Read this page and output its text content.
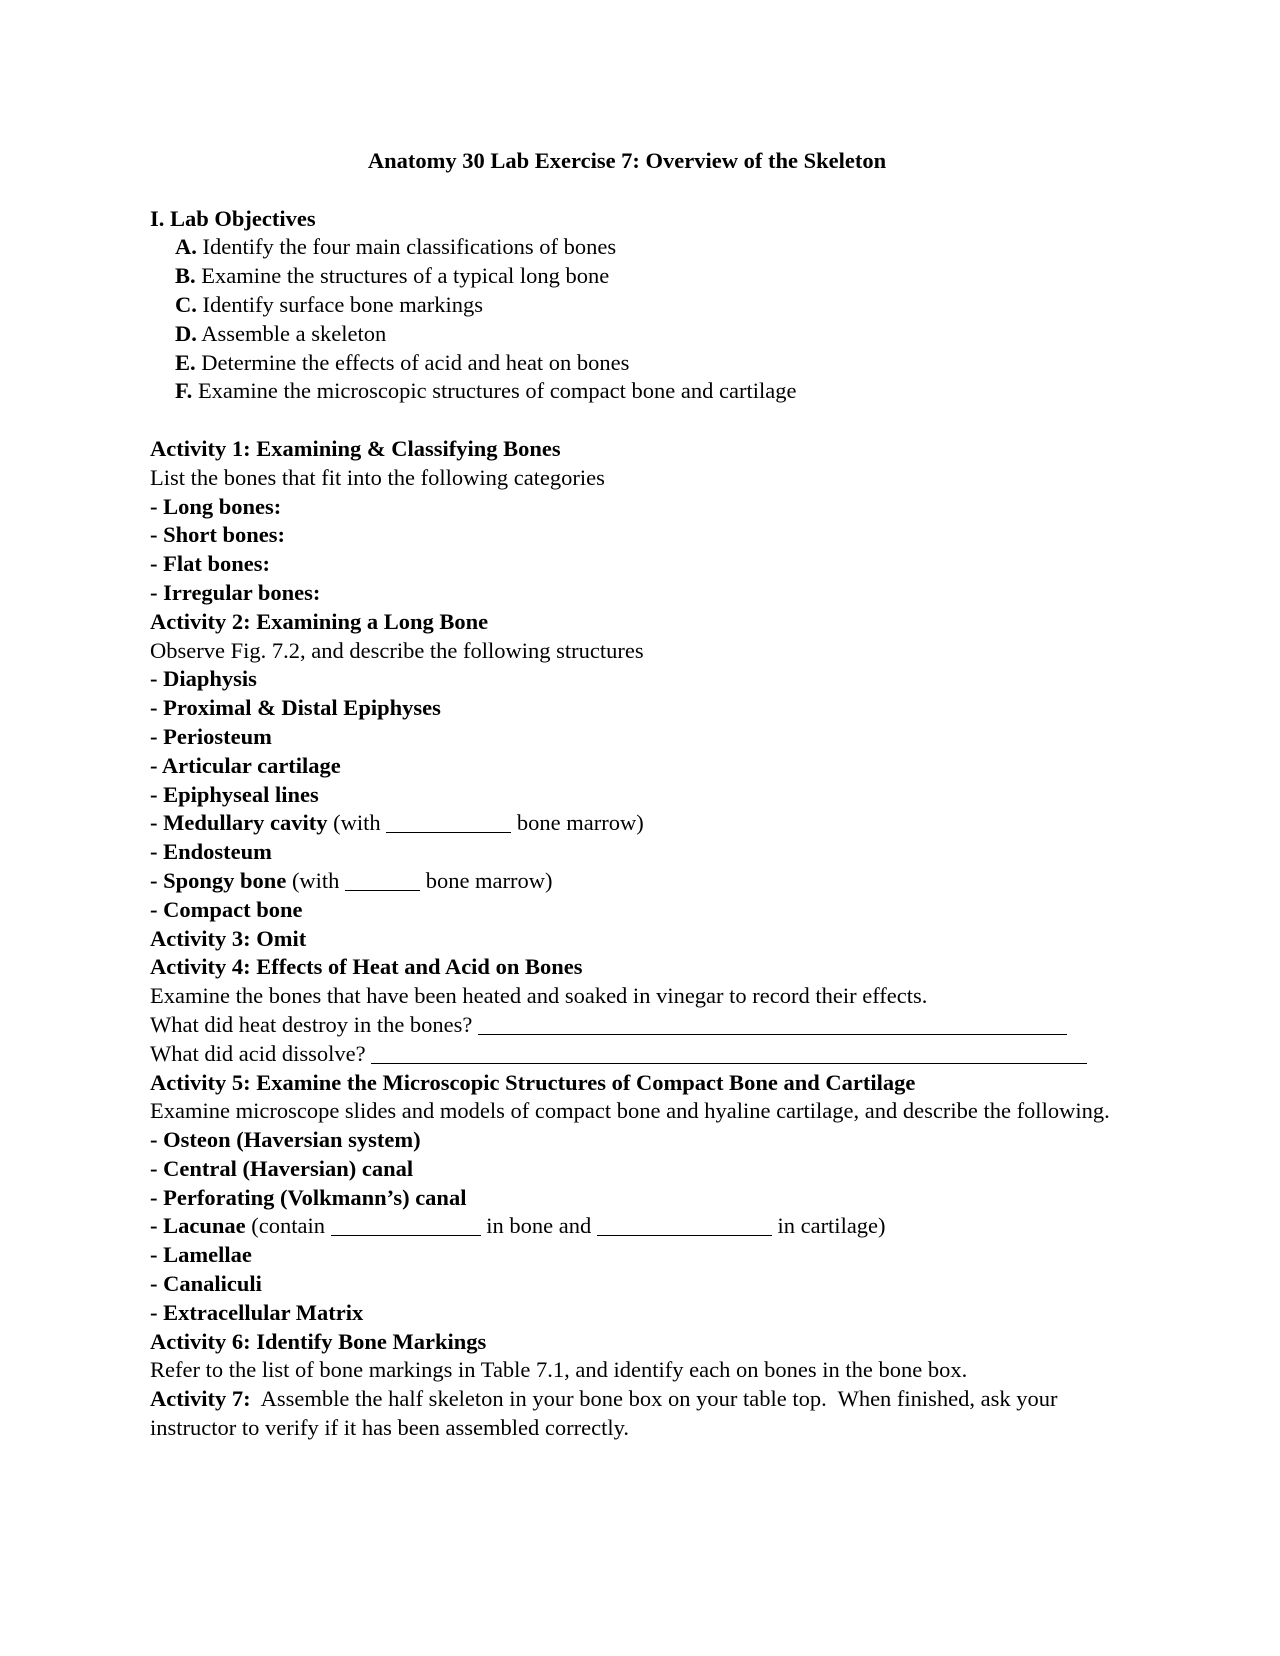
Anatomy 30 Lab Exercise 7: Overview of the Skeleton
I. Lab Objectives
A. Identify the four main classifications of bones
B. Examine the structures of a typical long bone
C. Identify surface bone markings
D. Assemble a skeleton
E. Determine the effects of acid and heat on bones
F. Examine the microscopic structures of compact bone and cartilage
Activity 1: Examining & Classifying Bones
List the bones that fit into the following categories
- Long bones:
- Short bones:
- Flat bones:
- Irregular bones:
Activity 2: Examining a Long Bone
Observe Fig. 7.2, and describe the following structures
- Diaphysis
- Proximal & Distal Epiphyses
- Periosteum
- Articular cartilage
- Epiphyseal lines
- Medullary cavity (with	bone marrow)
- Endosteum
- Spongy bone (with	bone marrow)
- Compact bone
Activity 3: Omit
Activity 4: Effects of Heat and Acid on Bones
Examine the bones that have been heated and soaked in vinegar to record their effects.
What did heat destroy in the bones?
What did acid dissolve?
Activity 5: Examine the Microscopic Structures of Compact Bone and Cartilage
Examine microscope slides and models of compact bone and hyaline cartilage, and describe the following.
- Osteon (Haversian system)
- Central (Haversian) canal
- Perforating (Volkmann’s) canal
- Lacunae (contain	in bone and	in cartilage)
- Lamellae
- Canaliculi
- Extracellular Matrix
Activity 6: Identify Bone Markings
Refer to the list of bone markings in Table 7.1, and identify each on bones in the bone box.
Activity 7:  Assemble the half skeleton in your bone box on your table top.  When finished, ask your instructor to verify if it has been assembled correctly.
